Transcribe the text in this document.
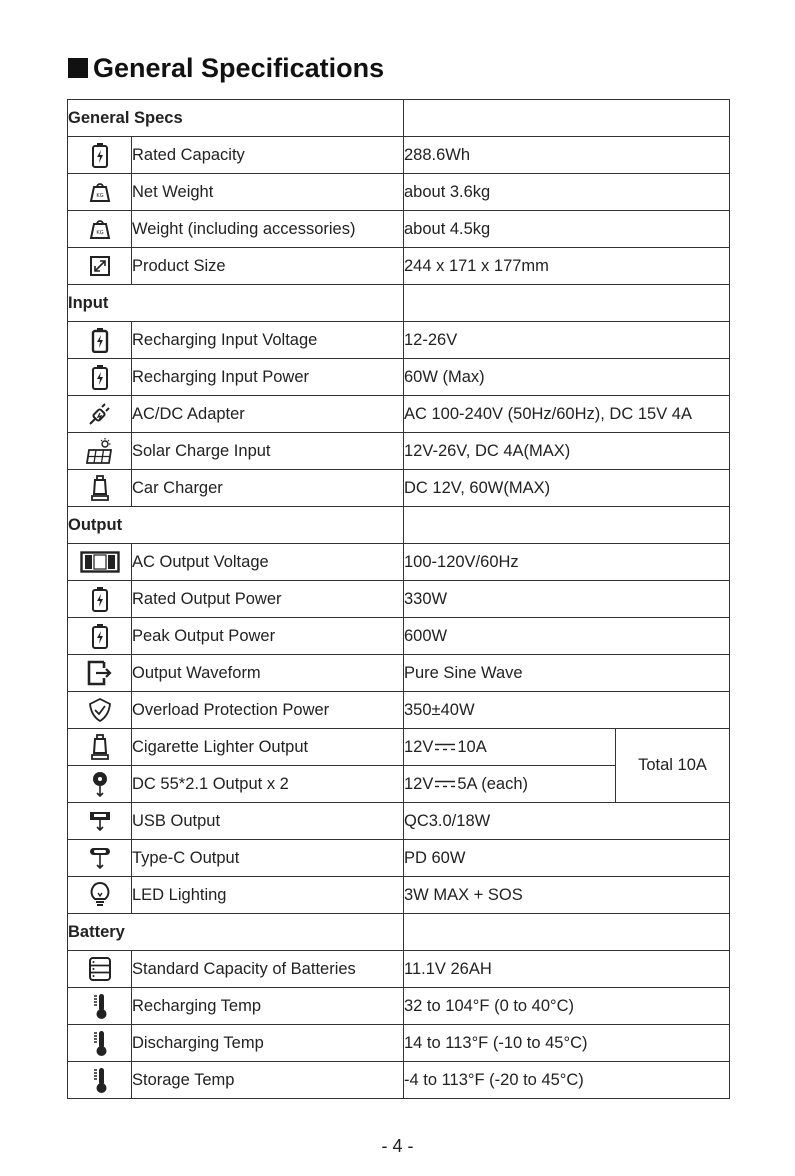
General Specifications
General Specs			
	Rated Capacity	288.6Wh	

KG	Net Weight	about 3.6kg	

KG	Weight (including accessories)	about 4.5kg	
	Product Size	244 x 171 x 177mm	
Input			
	Recharging Input Voltage	12-26V	
	Recharging Input Power	60W (Max)	
	AC/DC Adapter	AC 100-240V (50Hz/60Hz), DC 15V 4A	
	Solar Charge Input	12V-26V, DC 4A(MAX)	
	Car Charger	DC 12V, 60W(MAX)	
Output			
	AC Output Voltage	100-120V/60Hz	
	Rated Output Power	330W	
	Peak Output Power	600W	
	Output Waveform	Pure Sine Wave	
	Overload Protection Power	350±40W	
	Cigarette Lighter Output	12V 10A	Total 10A
	DC 55*2.1 Output x 2	12V 5A (each)	
	USB Output	QC3.0/18W	
	Type-C Output	PD 60W	
	LED Lighting	3W MAX + SOS	
Battery			
	Standard Capacity of Batteries	11.1V 26AH	
	Recharging Temp	32 to 104°F (0 to 40°C)	
	Discharging Temp	14 to 113°F (-10 to 45°C)	
	Storage Temp	-4 to 113°F (-20 to 45°C)	
- 4 -
